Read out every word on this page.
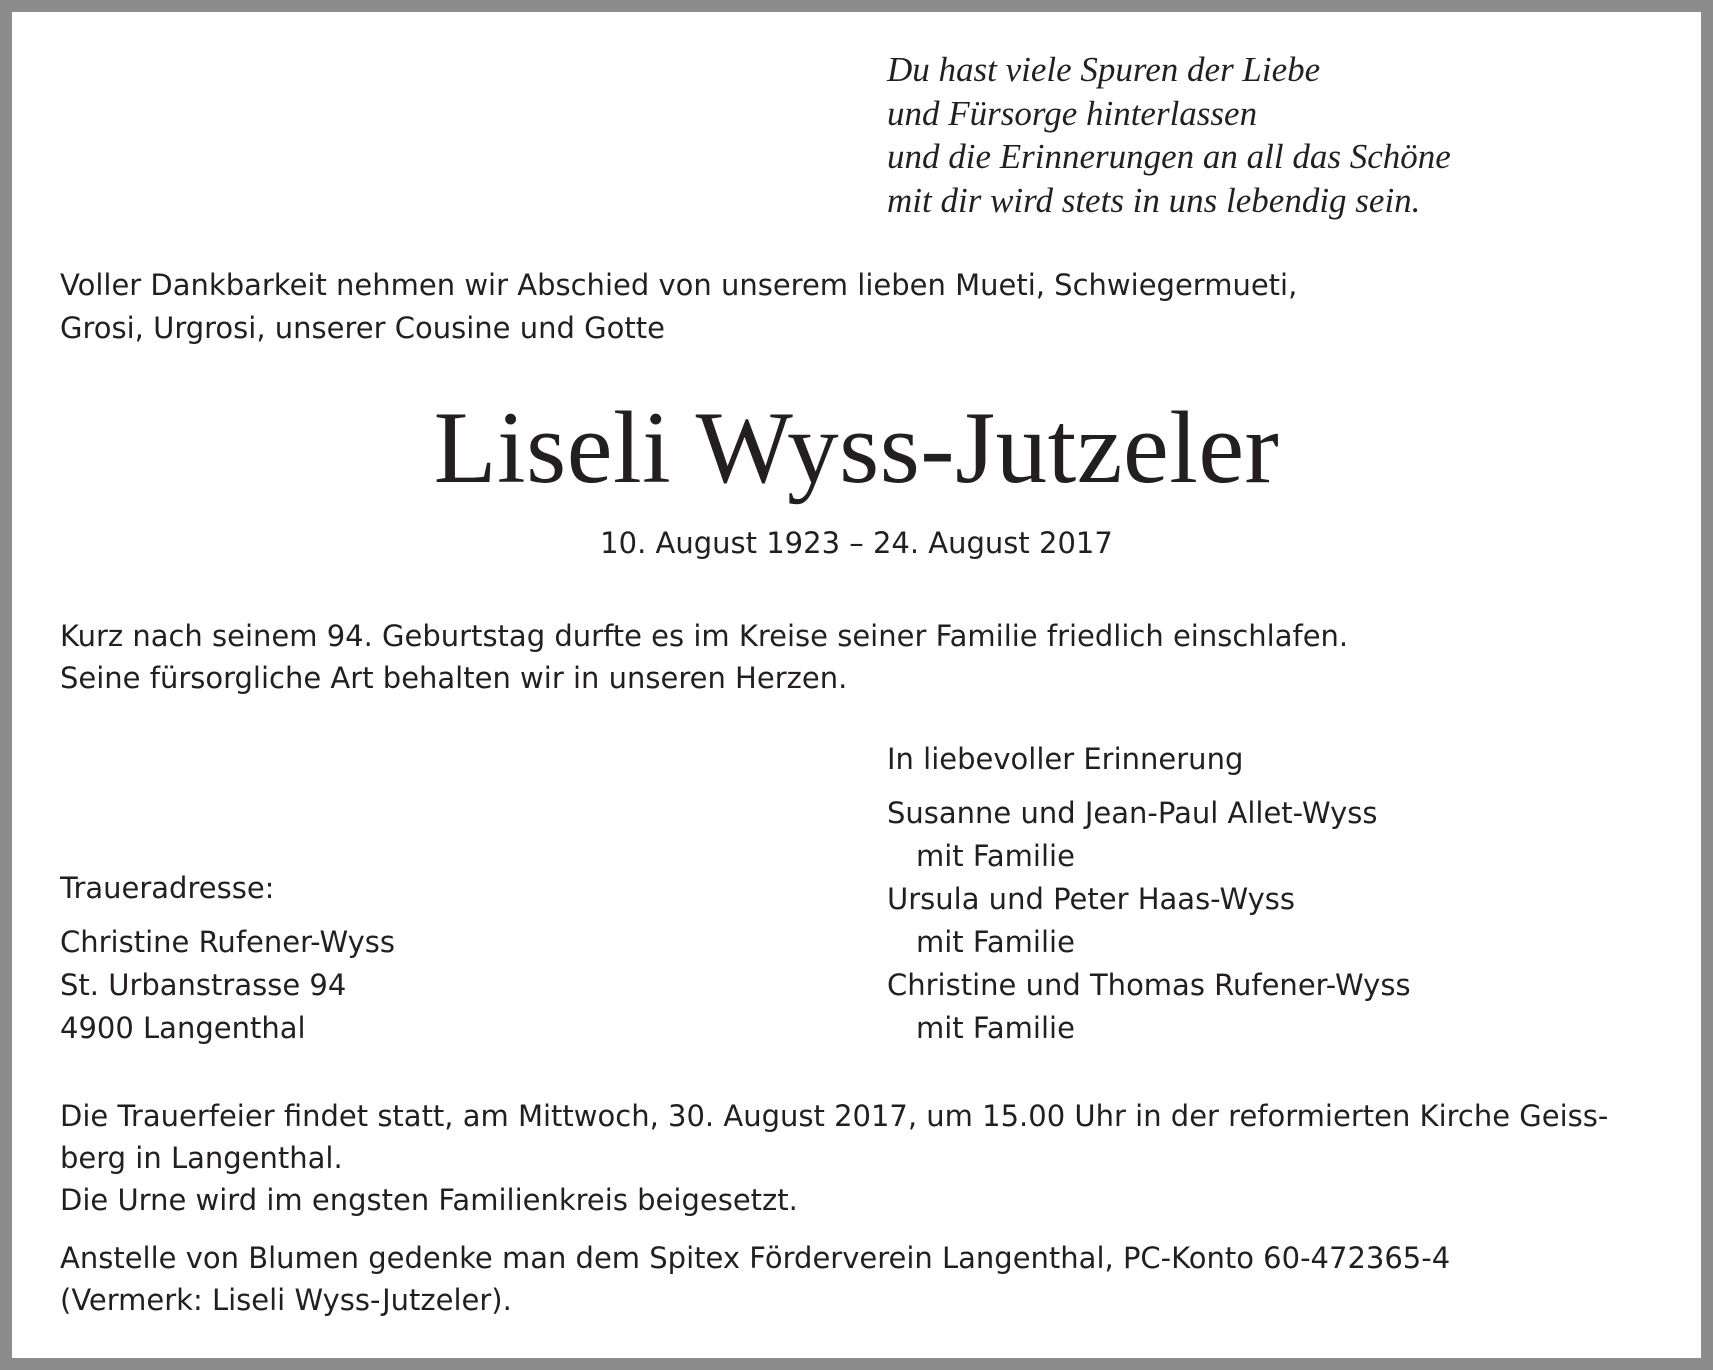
Du hast viele Spuren der Liebe
und Fürsorge hinterlassen
und die Erinnerungen an all das Schöne
mit dir wird stets in uns lebendig sein.
Voller Dankbarkeit nehmen wir Abschied von unserem lieben Mueti, Schwiegermueti,
Grosi, Urgrosi, unserer Cousine und Gotte
Liseli Wyss-Jutzeler
10. August 1923 – 24. August 2017
Kurz nach seinem 94. Geburtstag durfte es im Kreise seiner Familie friedlich einschlafen.
Seine fürsorgliche Art behalten wir in unseren Herzen.
In liebevoller Erinnerung
Susanne und Jean-Paul Allet-Wyss
mit Familie
Ursula und Peter Haas-Wyss
mit Familie
Christine und Thomas Rufener-Wyss
mit Familie
Traueradresse:
Christine Rufener-Wyss
St. Urbanstrasse 94
4900 Langenthal
Die Trauerfeier findet statt, am Mittwoch, 30. August 2017, um 15.00 Uhr in der reformierten Kirche Geiss-
berg in Langenthal.
Die Urne wird im engsten Familienkreis beigesetzt.
Anstelle von Blumen gedenke man dem Spitex Förderverein Langenthal, PC-Konto 60-472365-4
(Vermerk: Liseli Wyss-Jutzeler).
